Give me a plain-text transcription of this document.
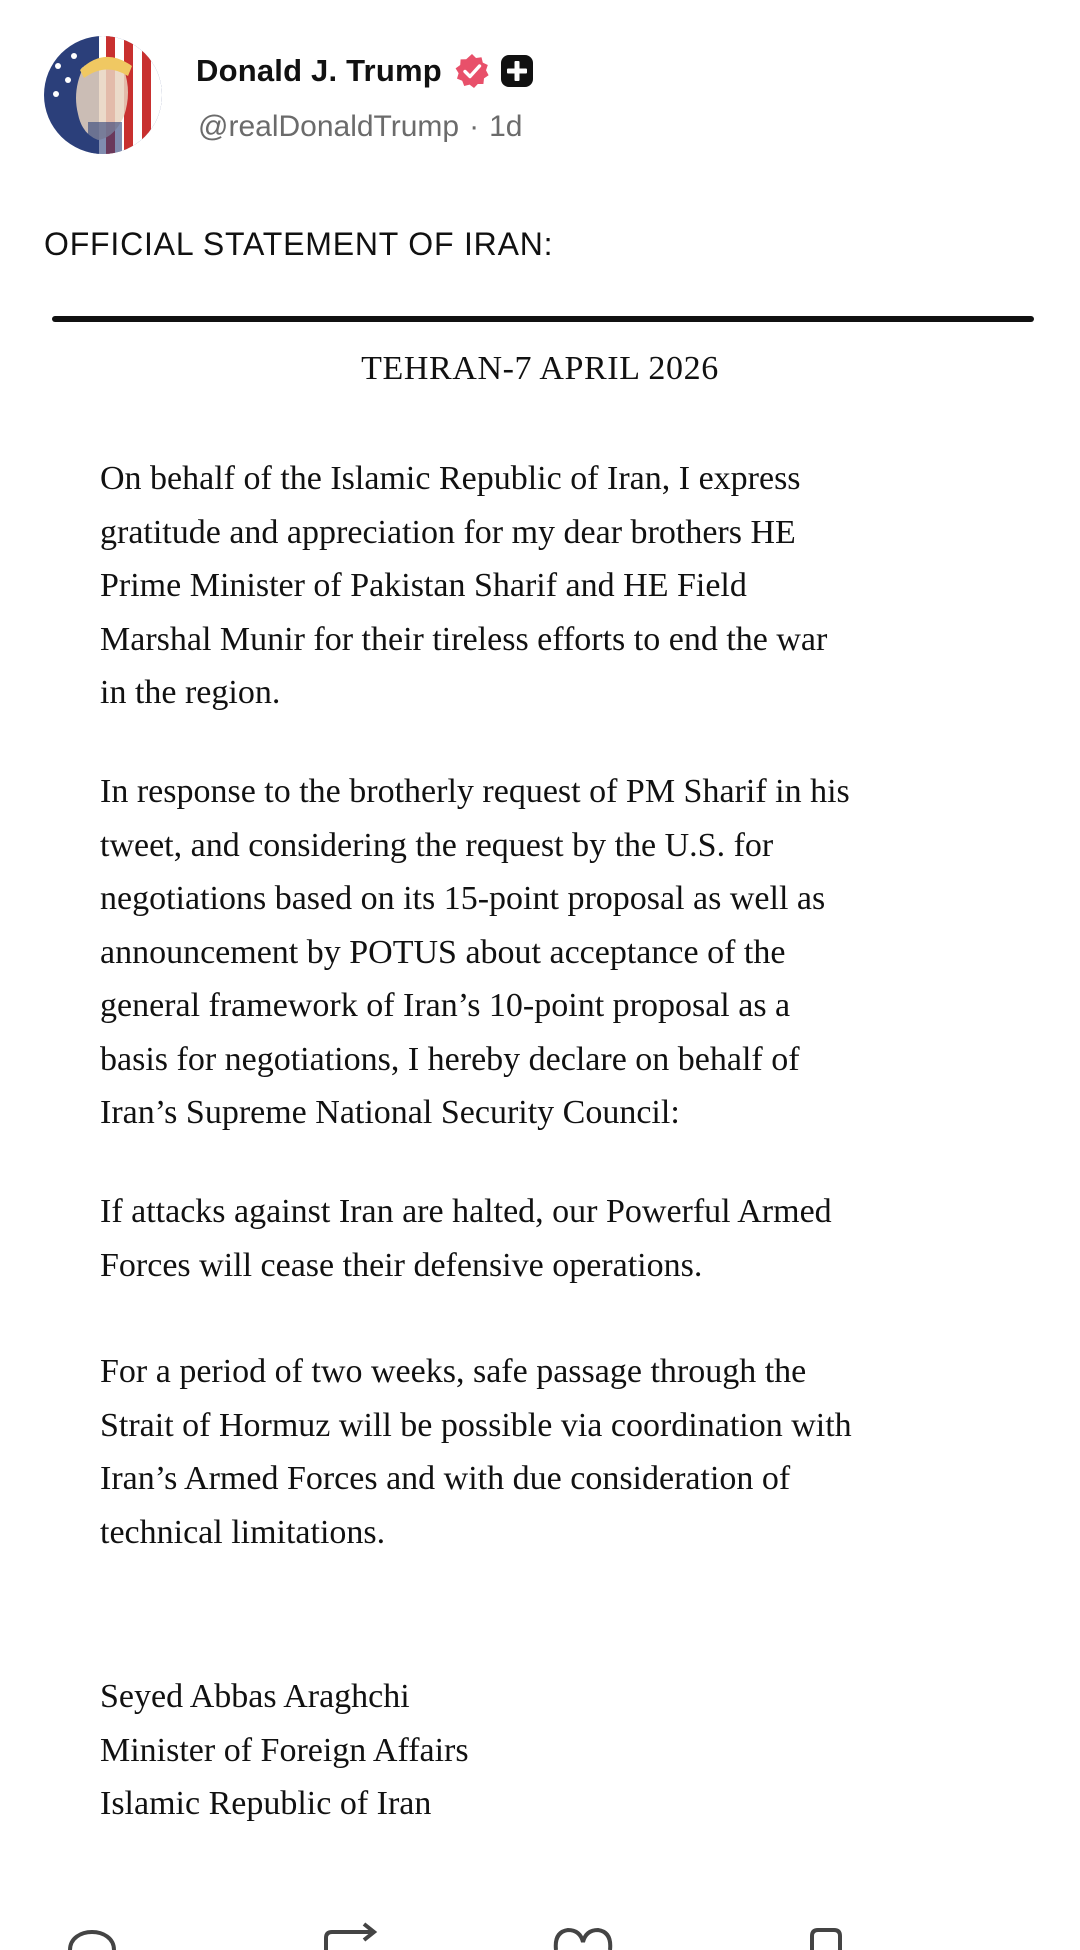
Donald J. Trump
@realDonaldTrump · 1d
OFFICIAL STATEMENT OF IRAN:
TEHRAN-7 APRIL 2026

On behalf of the Islamic Republic of Iran, I express
gratitude and appreciation for my dear brothers HE
Prime Minister of Pakistan Sharif and HE Field
Marshal Munir for their tireless efforts to end the war
in the region.

In response to the brotherly request of PM Sharif in his
tweet, and considering the request by the U.S. for
negotiations based on its 15-point proposal as well as
announcement by POTUS about acceptance of the
general framework of Iran’s 10-point proposal as a
basis for negotiations, I hereby declare on behalf of
Iran’s Supreme National Security Council:

If attacks against Iran are halted, our Powerful Armed
Forces will cease their defensive operations.

For a period of two weeks, safe passage through the
Strait of Hormuz will be possible via coordination with
Iran’s Armed Forces and with due consideration of
technical limitations.

Seyed Abbas Araghchi
Minister of Foreign Affairs
Islamic Republic of Iran
